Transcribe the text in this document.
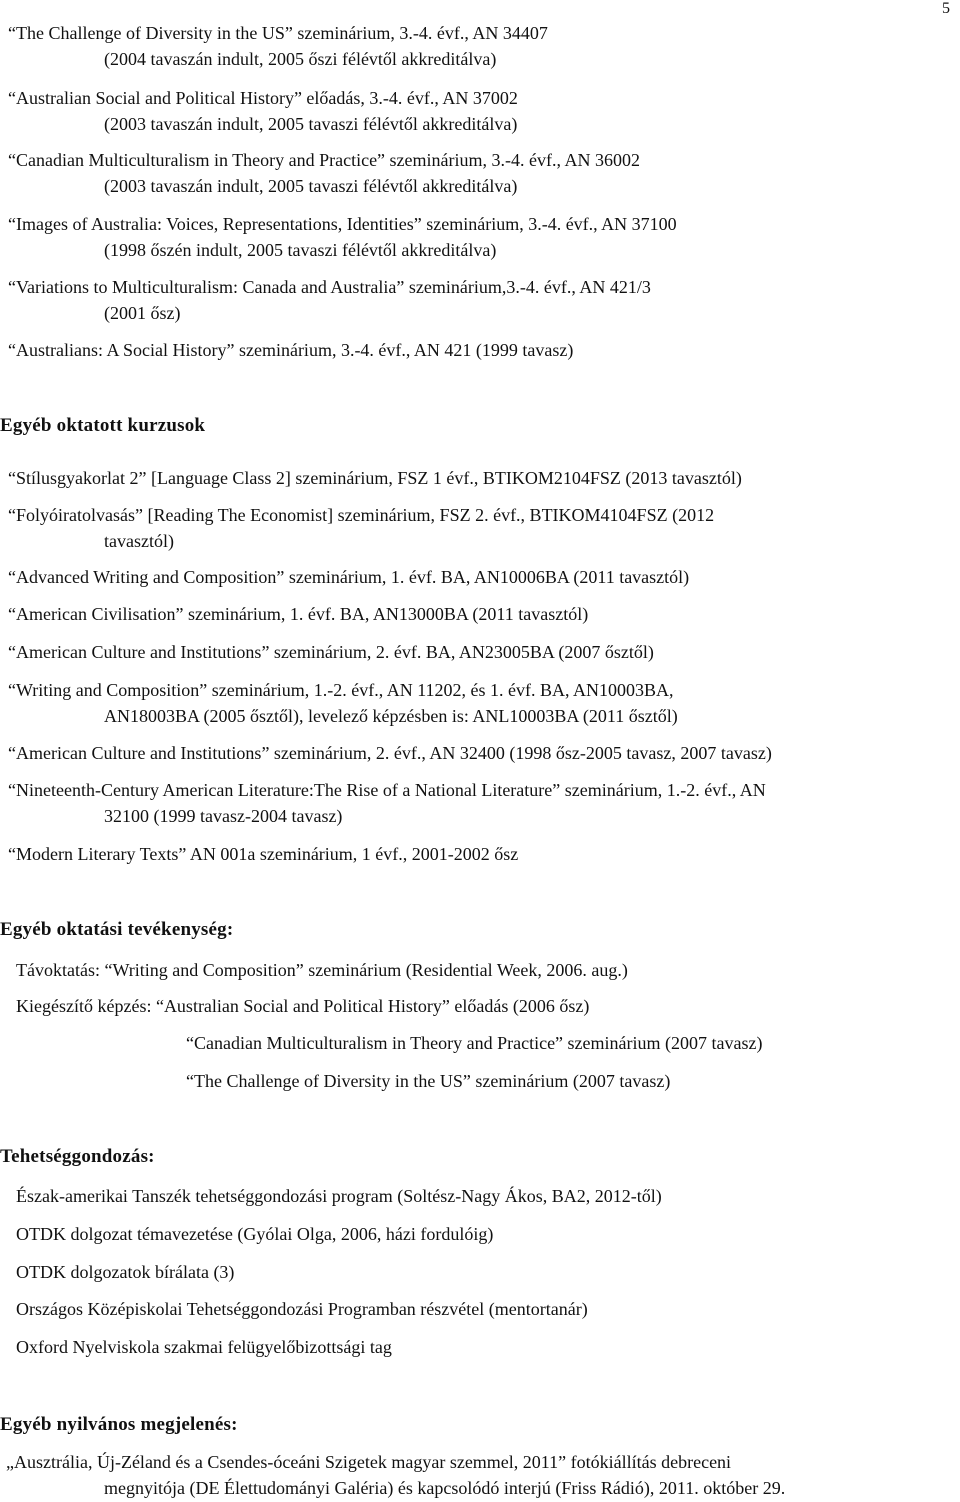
5
“The Challenge of Diversity in the US” szeminárium, 3.-4. évf., AN 34407
(2004 tavaszán indult, 2005 őszi félévtől akkreditálva)
“Australian Social and Political History” előadás, 3.-4. évf., AN 37002
(2003 tavaszán indult, 2005 tavaszi félévtől akkreditálva)
“Canadian Multiculturalism in Theory and Practice” szeminárium, 3.-4. évf., AN 36002
(2003 tavaszán indult, 2005 tavaszi félévtől akkreditálva)
“Images of Australia: Voices, Representations, Identities” szeminárium, 3.-4. évf., AN 37100
(1998 őszén indult, 2005 tavaszi félévtől akkreditálva)
“Variations to Multiculturalism: Canada and Australia” szeminárium,3.-4. évf., AN 421/3
(2001 ősz)
“Australians: A Social History” szeminárium, 3.-4. évf., AN 421 (1999 tavasz)
Egyéb oktatott kurzusok
“Stílusgyakorlat 2” [Language Class 2] szeminárium, FSZ 1 évf., BTIKOM2104FSZ (2013 tavasztól)
“Folyóiratolvasás” [Reading The Economist] szeminárium, FSZ 2. évf., BTIKOM4104FSZ (2012
tavasztól)
“Advanced Writing and Composition” szeminárium, 1. évf. BA, AN10006BA (2011 tavasztól)
“American Civilisation” szeminárium, 1. évf. BA, AN13000BA (2011 tavasztól)
“American Culture and Institutions” szeminárium, 2. évf. BA, AN23005BA (2007 ősztől)
“Writing and Composition” szeminárium, 1.-2. évf., AN 11202, és 1. évf. BA, AN10003BA,
AN18003BA (2005 ősztől), levelező képzésben is: ANL10003BA (2011 ősztől)
“American Culture and Institutions” szeminárium, 2. évf., AN 32400 (1998 ősz-2005 tavasz, 2007 tavasz)
“Nineteenth-Century American Literature:The Rise of a National Literature” szeminárium, 1.-2. évf., AN
32100 (1999 tavasz-2004 tavasz)
“Modern Literary Texts” AN 001a szeminárium, 1 évf., 2001-2002 ősz
Egyéb oktatási tevékenység:
Távoktatás: “Writing and Composition” szeminárium (Residential Week, 2006. aug.)
Kiegészítő képzés: “Australian Social and Political History” előadás (2006 ősz)
“Canadian Multiculturalism in Theory and Practice” szeminárium (2007 tavasz)
“The Challenge of Diversity in the US” szeminárium (2007 tavasz)
Tehetséggondozás:
Észak-amerikai Tanszék tehetséggondozási program (Soltész-Nagy Ákos, BA2, 2012-től)
OTDK dolgozat témavezetése (Gyólai Olga, 2006, házi fordulóig)
OTDK dolgozatok bírálata (3)
Országos Középiskolai Tehetséggondozási Programban részvétel (mentortanár)
Oxford Nyelviskola szakmai felügyelőbizottsági tag
Egyéb nyilvános megjelenés:
„Ausztrália, Új-Zéland és a Csendes-óceáni Szigetek magyar szemmel, 2011” fotókiállítás debreceni
megnyitója (DE Élettudományi Galéria) és kapcsolódó interjú (Friss Rádió), 2011. október 29.
